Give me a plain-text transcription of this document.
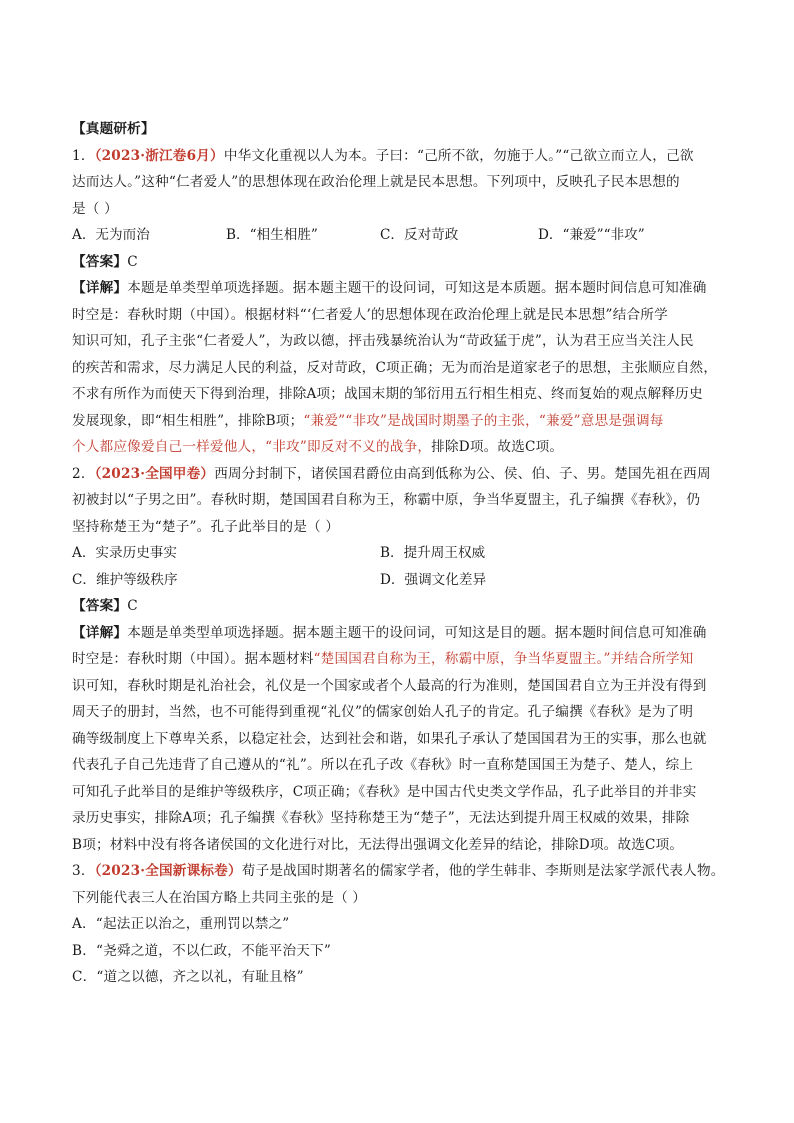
【真题研析】
1．（2023·浙江卷6月）中华文化重视以人为本。子曰：“己所不欲，勿施于人。”“己欲立而立人，己欲
达而达人。”这种“仁者爱人”的思想体现在政治伦理上就是民本思想。下列项中，反映孔子民本思想的
是（ ）
A．无为而治	B．“相生相胜”	C．反对苛政	D．“兼爱”“非攻”
【答案】C
【详解】本题是单类型单项选择题。据本题主题干的设问词，可知这是本质题。据本题时间信息可知准确
时空是：春秋时期（中国）。根据材料“‘仁者爱人’的思想体现在政治伦理上就是民本思想”结合所学
知识可知，孔子主张“仁者爱人”，为政以德，抨击残暴统治认为“苛政猛于虎”，认为君王应当关注人民
的疾苦和需求，尽力满足人民的利益，反对苛政，C项正确；无为而治是道家老子的思想，主张顺应自然，
不求有所作为而使天下得到治理，排除A项；战国末期的邹衍用五行相生相克、终而复始的观点解释历史
发展现象，即“相生相胜”，排除B项；“兼爱”“非攻”是战国时期墨子的主张，“兼爱”意思是强调每
个人都应像爱自己一样爱他人，“非攻”即反对不义的战争，排除D项。故选C项。
2．（2023·全国甲卷）西周分封制下，诸侯国君爵位由高到低称为公、侯、伯、子、男。楚国先祖在西周
初被封以“子男之田”。春秋时期，楚国国君自称为王，称霸中原，争当华夏盟主，孔子编撰《春秋》，仍
坚持称楚王为“楚子”。孔子此举目的是（ ）
A．实录历史事实	B．提升周王权威
C．维护等级秩序	D．强调文化差异
【答案】C
【详解】本题是单类型单项选择题。据本题主题干的设问词，可知这是目的题。据本题时间信息可知准确
时空是：春秋时期（中国）。据本题材料“楚国国君自称为王，称霸中原，争当华夏盟主。”并结合所学知
识可知，春秋时期是礼治社会，礼仪是一个国家或者个人最高的行为准则，楚国国君自立为王并没有得到
周天子的册封，当然，也不可能得到重视“礼仪”的儒家创始人孔子的肯定。孔子编撰《春秋》是为了明
确等级制度上下尊卑关系，以稳定社会，达到社会和谐，如果孔子承认了楚国国君为王的实事，那么也就
代表孔子自己先违背了自己遵从的“礼”。所以在孔子改《春秋》时一直称楚国国王为楚子、楚人，综上
可知孔子此举目的是维护等级秩序，C项正确；《春秋》是中国古代史类文学作品，孔子此举目的并非实
录历史事实，排除A项；孔子编撰《春秋》坚持称楚王为“楚子”，无法达到提升周王权威的效果，排除
B项；材料中没有将各诸侯国的文化进行对比，无法得出强调文化差异的结论，排除D项。故选C项。
3．（2023·全国新课标卷）荀子是战国时期著名的儒家学者，他的学生韩非、李斯则是法家学派代表人物。
下列能代表三人在治国方略上共同主张的是（ ）
A．“起法正以治之，重刑罚以禁之”
B．“尧舜之道，不以仁政，不能平治天下”
C．“道之以德，齐之以礼，有耻且格”
